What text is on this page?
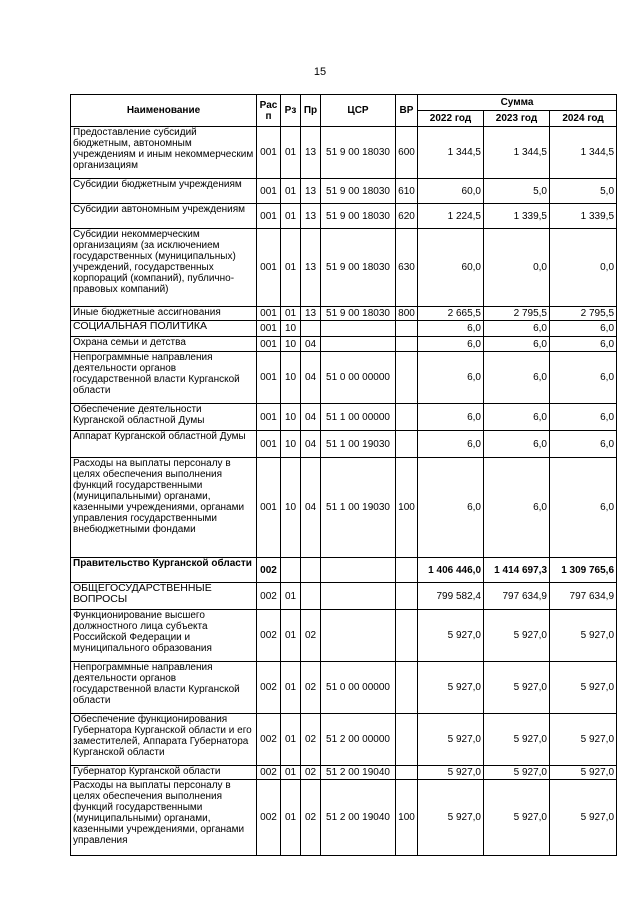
15
Наименование	Рас п	Рз	Пр	ЦСР	ВР	Сумма		
						2022 год	2023 год	2024 год
Предоставление субсидий бюджетным, автономным учреждениям и иным некоммерческим организациям	001	01	13	51 9 00 18030	600	1 344,5	1 344,5	1 344,5
Субсидии бюджетным учреждениям	001	01	13	51 9 00 18030	610	60,0	5,0	5,0
Субсидии автономным учреждениям	001	01	13	51 9 00 18030	620	1 224,5	1 339,5	1 339,5
Субсидии некоммерческим организациям (за исключением государственных (муниципальных) учреждений, государственных корпораций (компаний), публично-правовых компаний)	001	01	13	51 9 00 18030	630	60,0	0,0	0,0
Иные бюджетные ассигнования	001	01	13	51 9 00 18030	800	2 665,5	2 795,5	2 795,5
СОЦИАЛЬНАЯ ПОЛИТИКА	001	10				6,0	6,0	6,0
Охрана семьи и детства	001	10	04			6,0	6,0	6,0
Непрограммные направления деятельности органов государственной власти Курганской области	001	10	04	51 0 00 00000		6,0	6,0	6,0
Обеспечение деятельности Курганской областной Думы	001	10	04	51 1 00 00000		6,0	6,0	6,0
Аппарат Курганской областной Думы	001	10	04	51 1 00 19030		6,0	6,0	6,0
Расходы на выплаты персоналу в целях обеспечения выполнения функций государственными (муниципальными) органами, казенными учреждениями, органами управления государственными внебюджетными фондами	001	10	04	51 1 00 19030	100	6,0	6,0	6,0
Правительство Курганской области	002					1 406 446,0	1 414 697,3	1 309 765,6
ОБЩЕГОСУДАРСТВЕННЫЕ ВОПРОСЫ	002	01				799 582,4	797 634,9	797 634,9
Функционирование высшего должностного лица субъекта Российской Федерации и муниципального образования	002	01	02			5 927,0	5 927,0	5 927,0
Непрограммные направления деятельности органов государственной власти Курганской области	002	01	02	51 0 00 00000		5 927,0	5 927,0	5 927,0
Обеспечение функционирования Губернатора Курганской области и его заместителей, Аппарата Губернатора Курганской области	002	01	02	51 2 00 00000		5 927,0	5 927,0	5 927,0
Губернатор Курганской области	002	01	02	51 2 00 19040		5 927,0	5 927,0	5 927,0
Расходы на выплаты персоналу в целях обеспечения выполнения функций государственными (муниципальными) органами, казенными учреждениями, органами управления	002	01	02	51 2 00 19040	100	5 927,0	5 927,0	5 927,0
